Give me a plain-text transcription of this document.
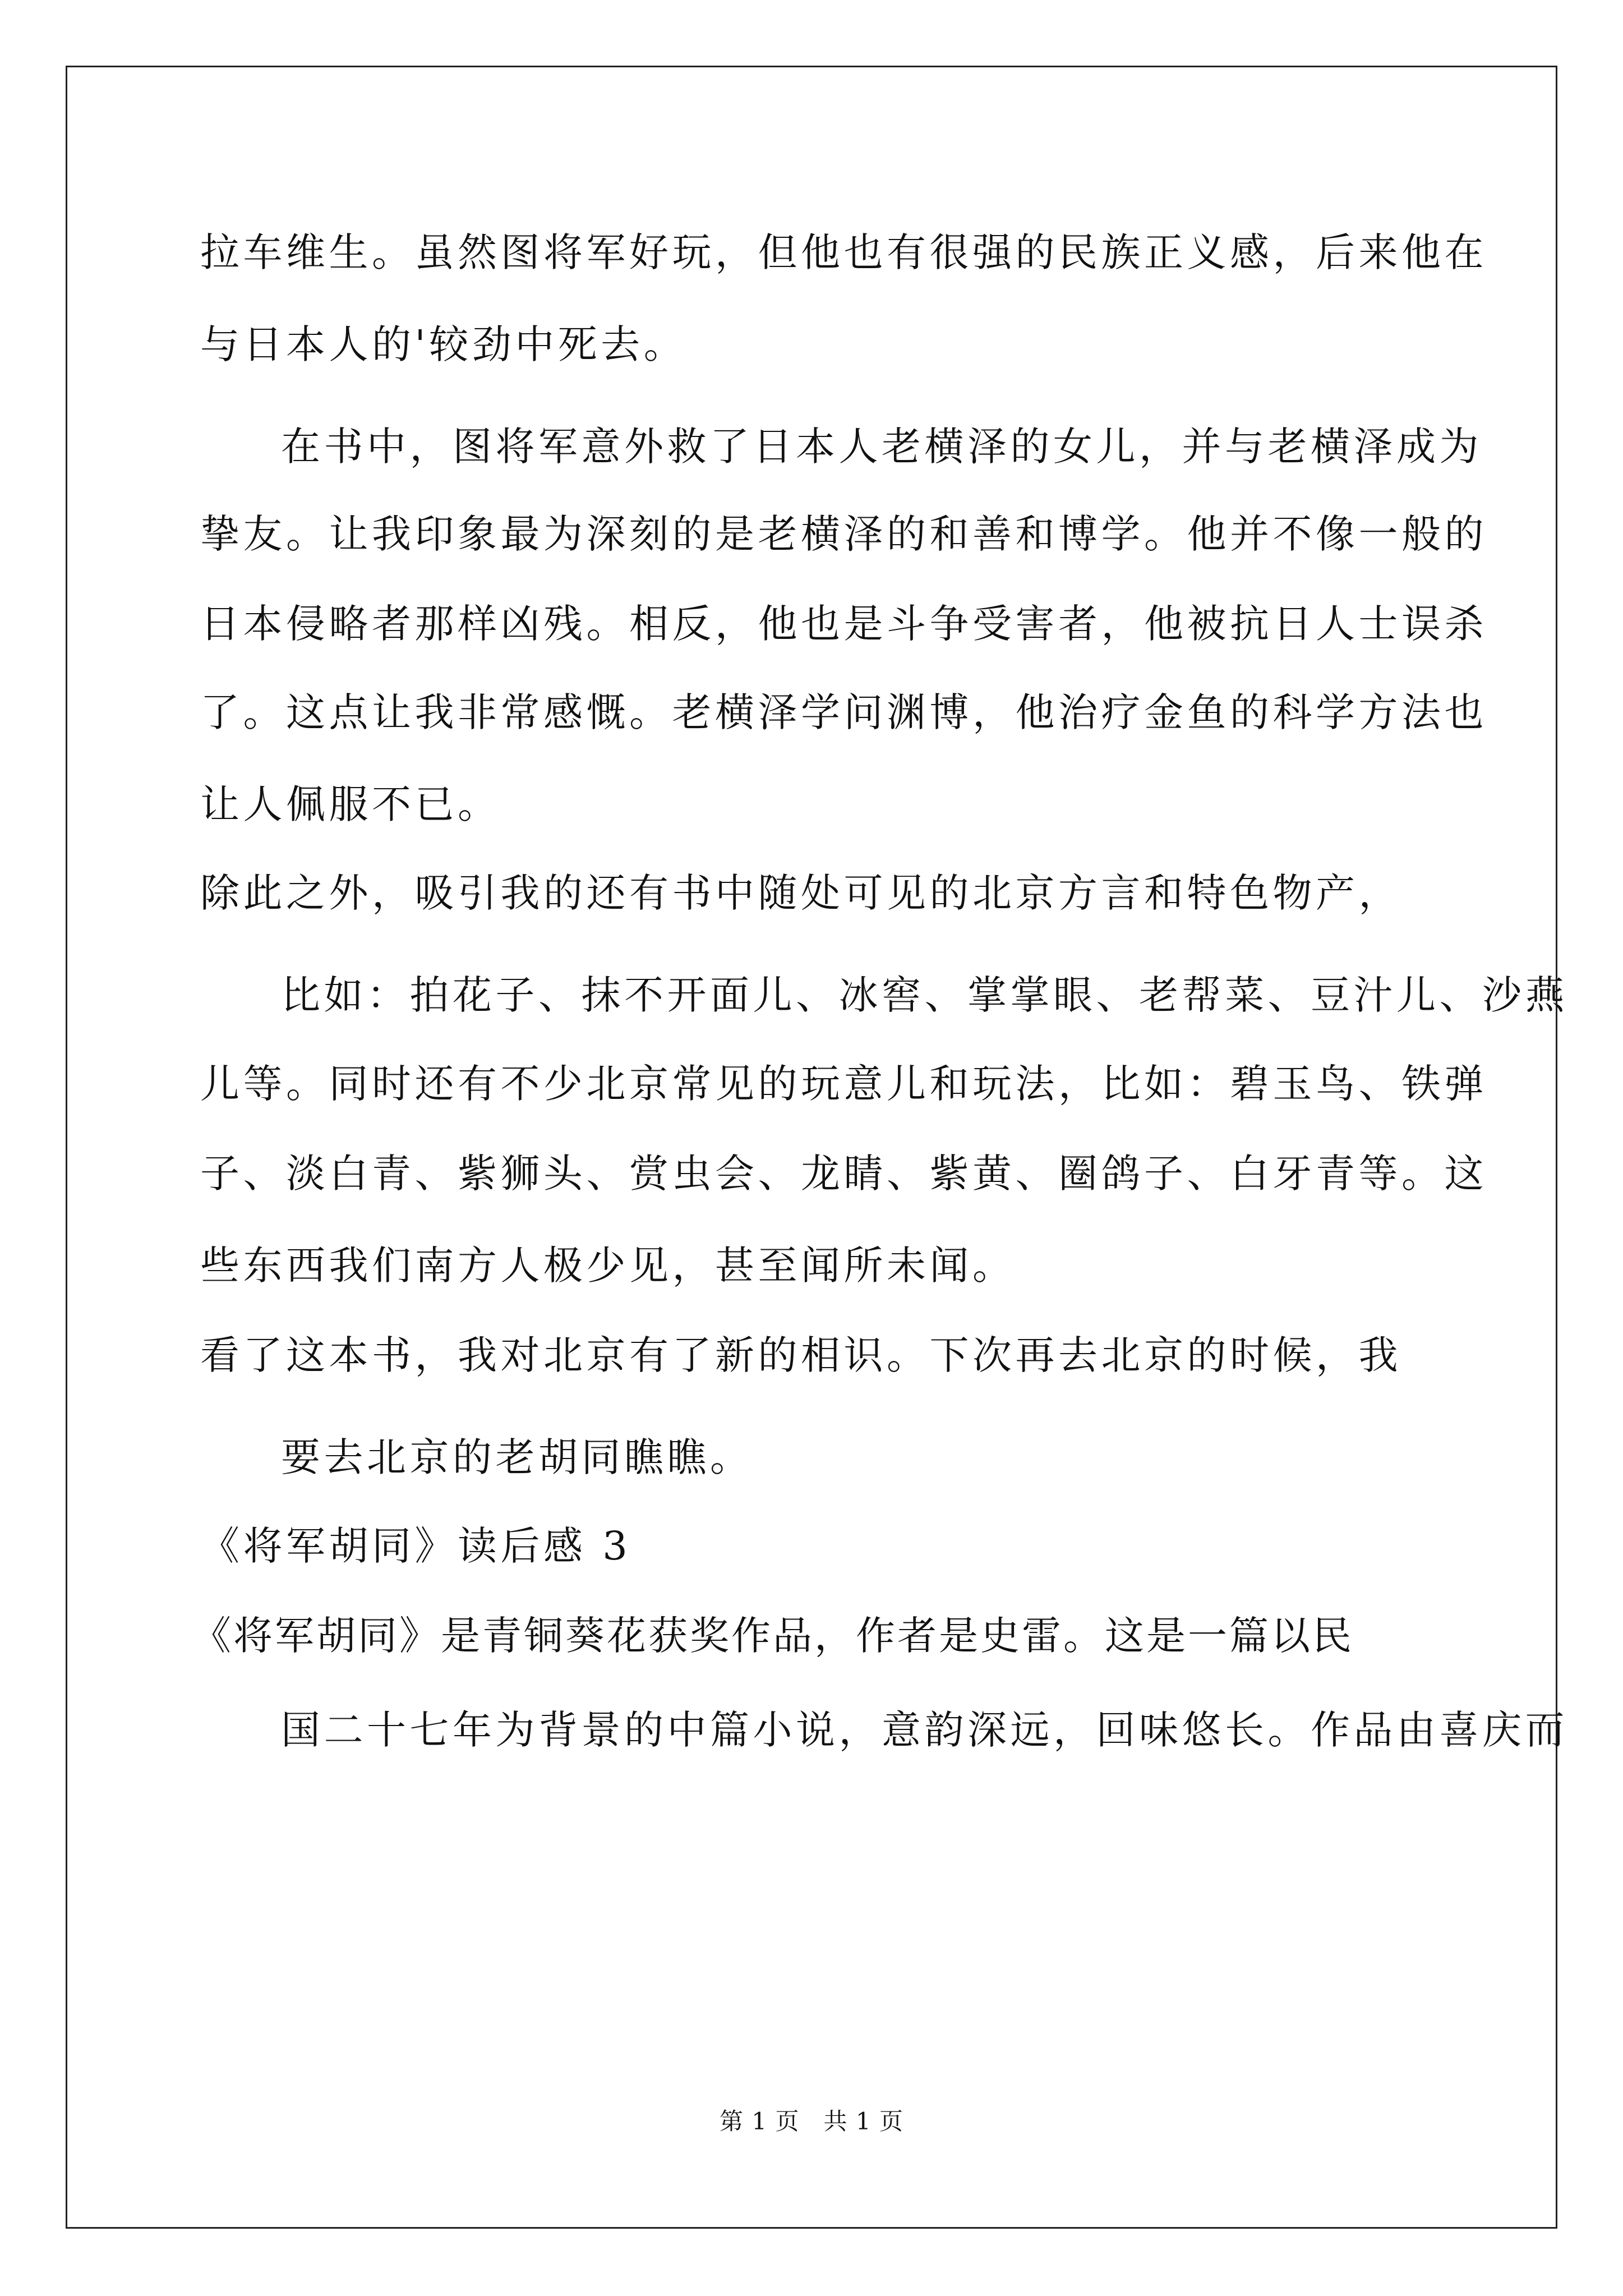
拉车维生。虽然图将军好玩，但他也有很强的民族正义感，后来他在
与日本人的'较劲中死去。
在书中，图将军意外救了日本人老横泽的女儿，并与老横泽成为
挚友。让我印象最为深刻的是老横泽的和善和博学。他并不像一般的
日本侵略者那样凶残。相反，他也是斗争受害者，他被抗日人士误杀
了。这点让我非常感慨。老横泽学问渊博，他治疗金鱼的科学方法也
让人佩服不已。
除此之外，吸引我的还有书中随处可见的北京方言和特色物产，
比如：拍花子、抹不开面儿、冰窖、掌掌眼、老帮菜、豆汁儿、沙燕
儿等。同时还有不少北京常见的玩意儿和玩法，比如：碧玉鸟、铁弹
子、淡白青、紫狮头、赏虫会、龙睛、紫黄、圈鸽子、白牙青等。这
些东西我们南方人极少见，甚至闻所未闻。
看了这本书，我对北京有了新的相识。下次再去北京的时候，我
要去北京的老胡同瞧瞧。
《将军胡同》读后感 3
《将军胡同》是青铜葵花获奖作品，作者是史雷。这是一篇以民
国二十七年为背景的中篇小说，意韵深远，回味悠长。作品由喜庆而
第 1 页   共 1 页
